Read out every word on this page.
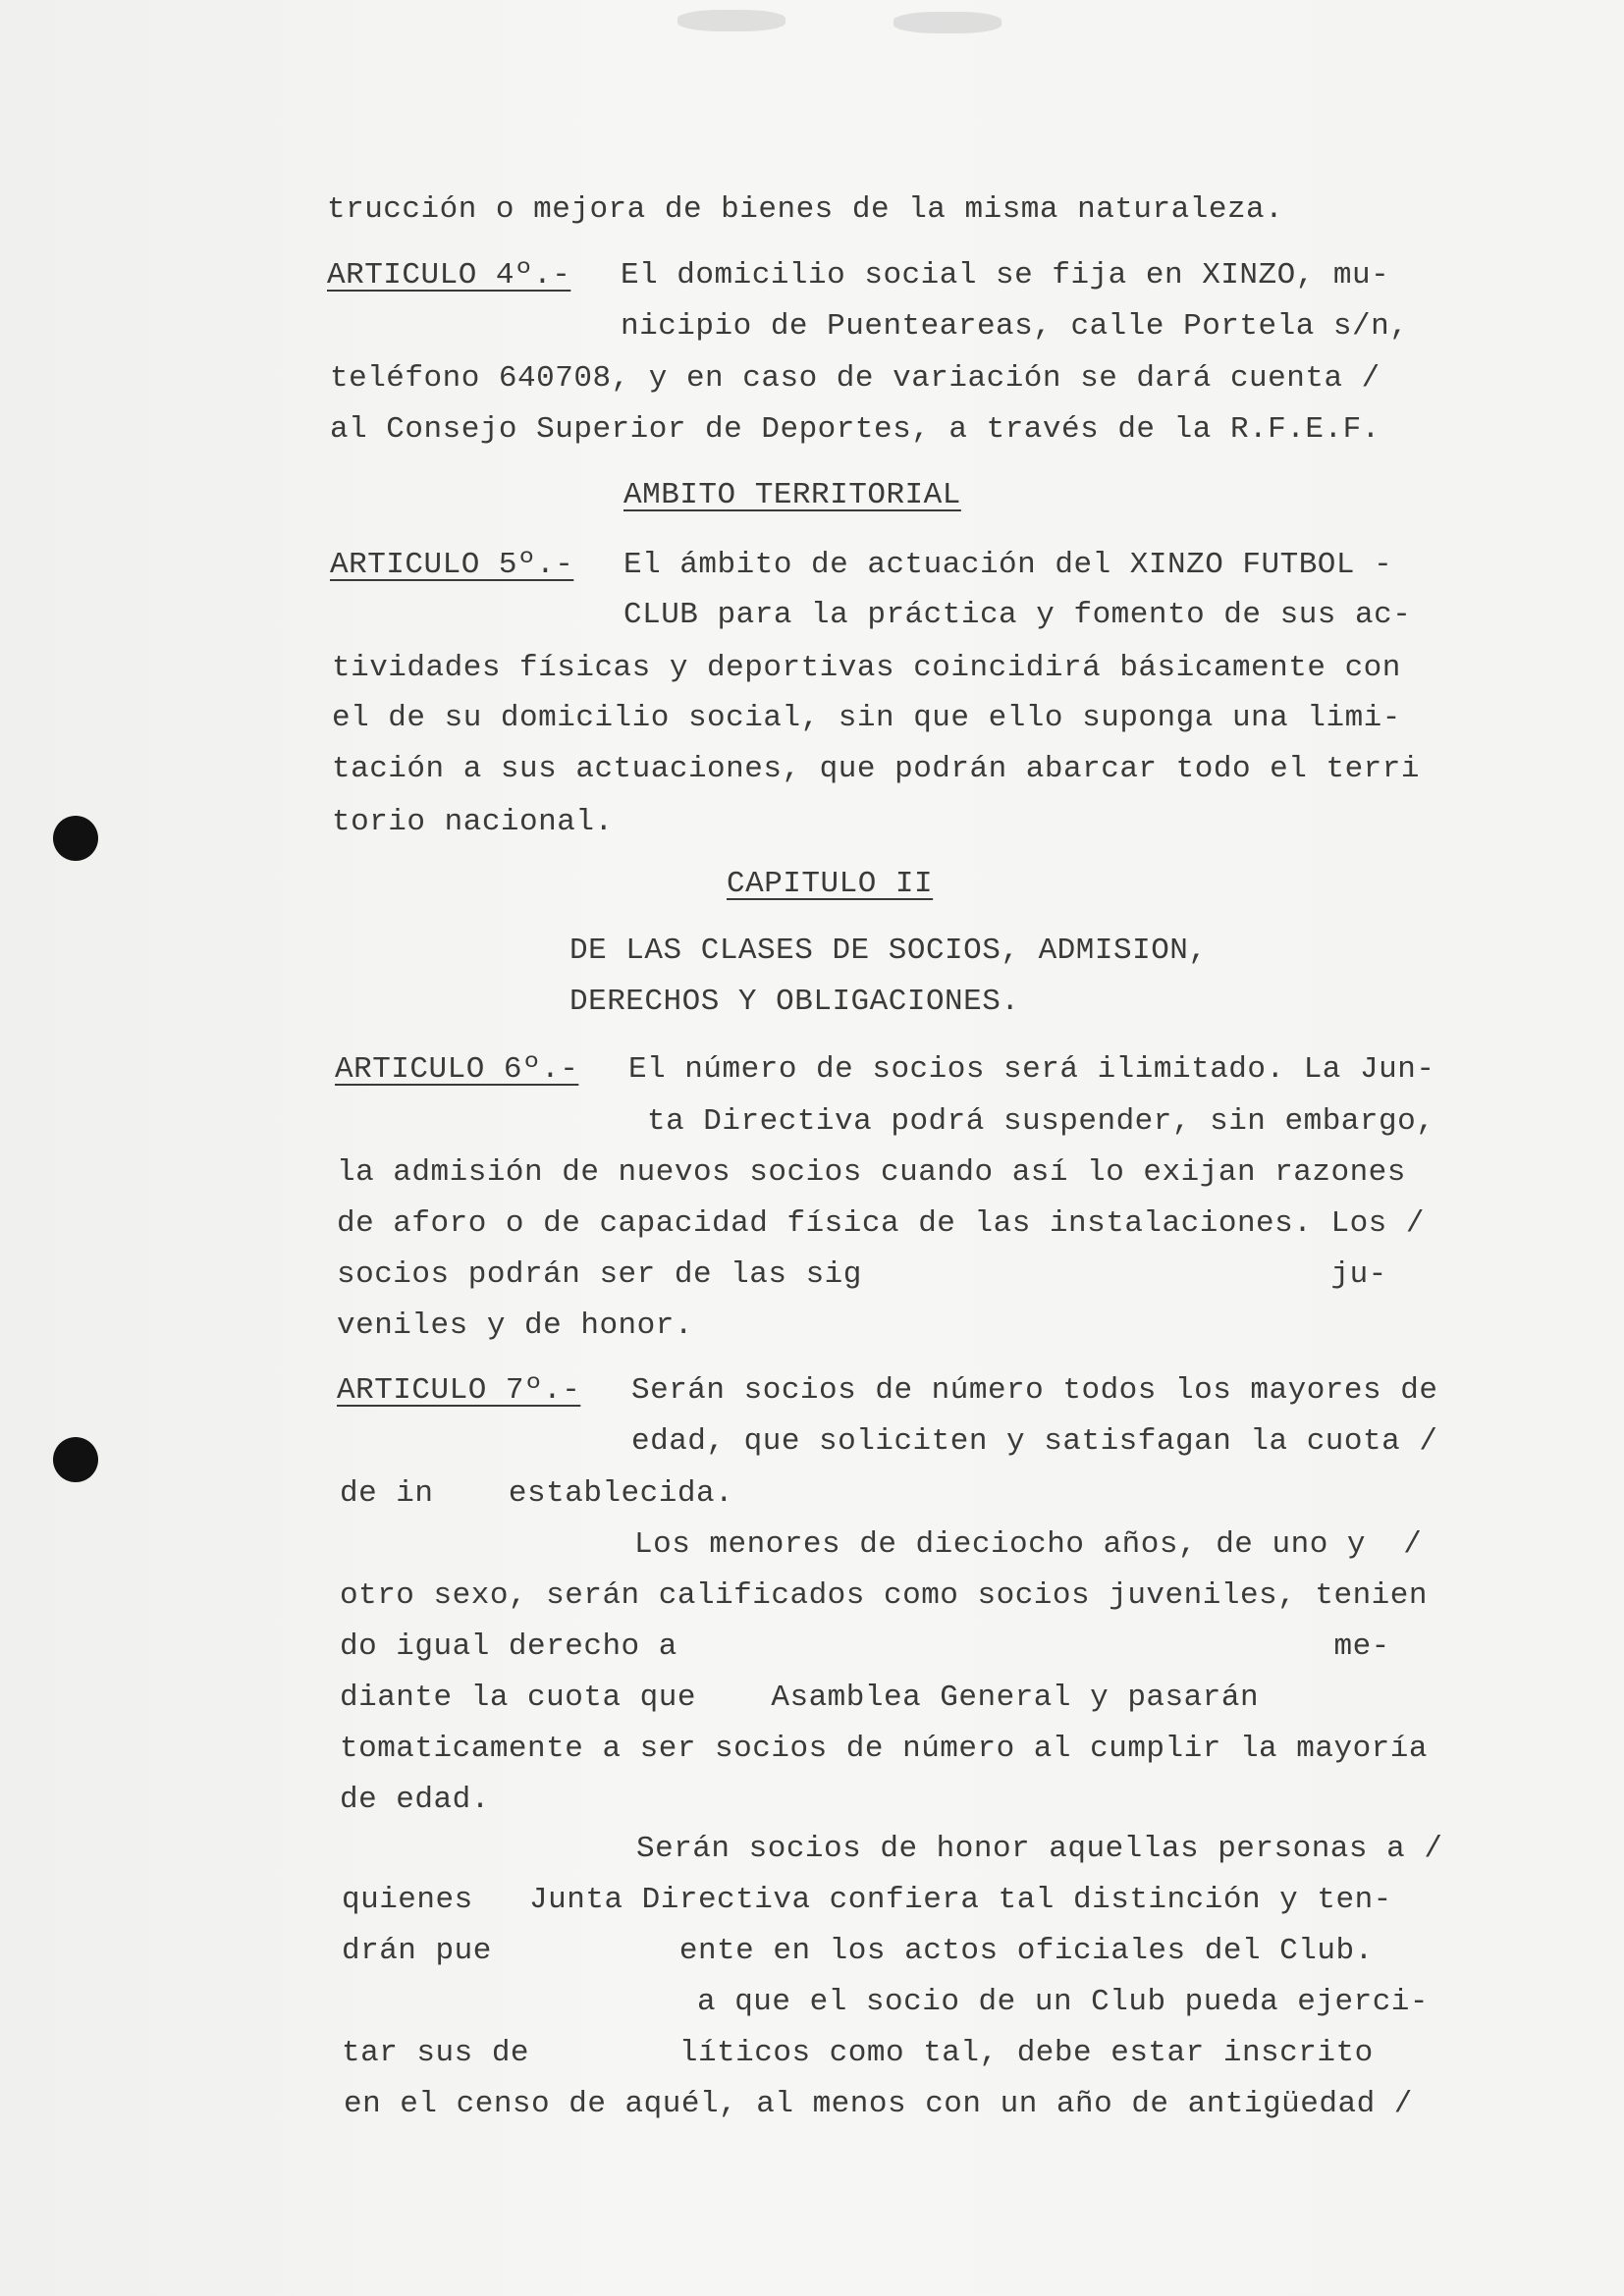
trucción o mejora de bienes de la misma naturaleza.
ARTICULO 4º.- El domicilio social se fija en XINZO, mu-
nicipio de Puenteareas, calle Portela s/n,
teléfono 640708, y en caso de variación se dará cuenta /
al Consejo Superior de Deportes, a través de la R.F.E.F.
AMBITO TERRITORIAL
ARTICULO 5º.- El ámbito de actuación del XINZO FUTBOL -
CLUB para la práctica y fomento de sus ac-
tividades físicas y deportivas coincidirá básicamente con
el de su domicilio social, sin que ello suponga una limi-
tación a sus actuaciones, que podrán abarcar todo el terri
torio nacional.
CAPITULO II
DE LAS CLASES DE SOCIOS, ADMISION,
DERECHOS Y OBLIGACIONES.
ARTICULO 6º.- El número de socios será ilimitado. La Jun-
ta Directiva podrá suspender, sin embargo,
la admisión de nuevos socios cuando así lo exijan razones
de aforo o de capacidad física de las instalaciones. Los /
socios podrán ser de las sig                         ju-
veniles y de honor.
ARTICULO 7º.- Serán socios de número todos los mayores de
edad, que soliciten y satisfagan la cuota /
de in    establecida.
Los menores de dieciocho años, de uno y  /
otro sexo, serán calificados como socios juveniles, tenien
do igual derecho a                                   me-
diante la cuota que    Asamblea General y pasarán
tomaticamente a ser socios de número al cumplir la mayoría
de edad.
Serán socios de honor aquellas personas a /
quienes   Junta Directiva confiera tal distinción y ten-
drán pue          ente en los actos oficiales del Club.
a que el socio de un Club pueda ejerci-
tar sus de        líticos como tal, debe estar inscrito
en el censo de aquél, al menos con un año de antigüedad /
